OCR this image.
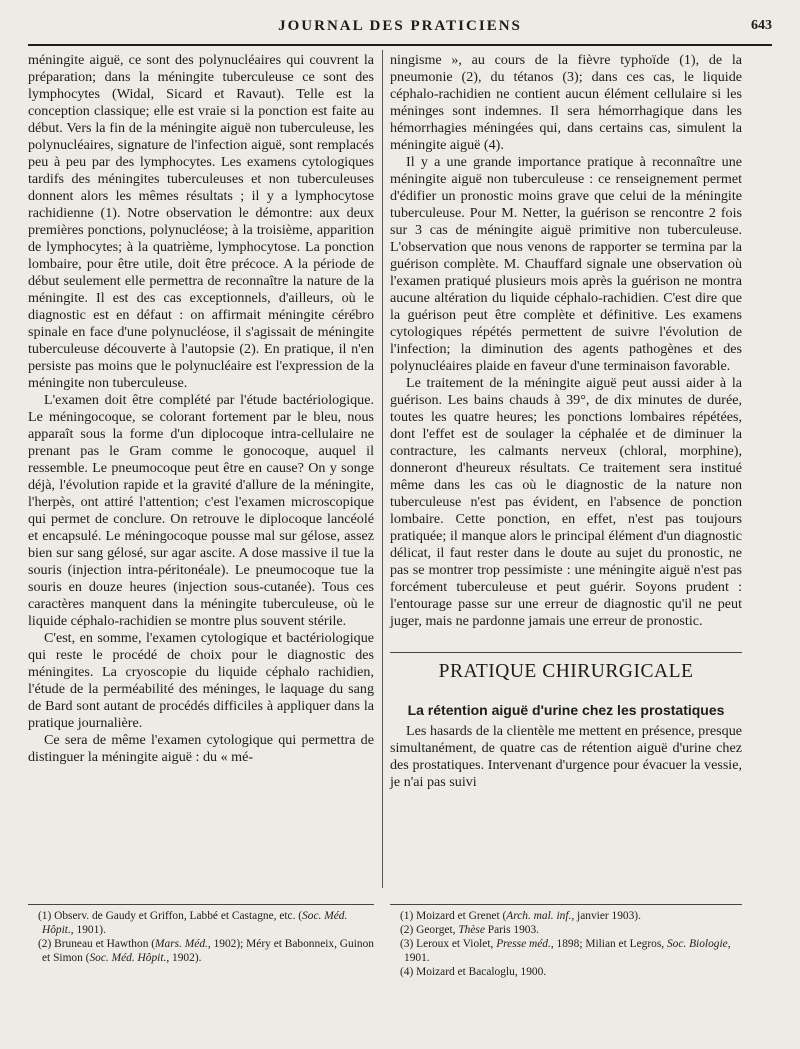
JOURNAL DES PRATICIENS	643

méningite aiguë, ce sont des polynucléaires qui couvrent la préparation; dans la méningite tuberculeuse ce sont des lymphocytes (Widal, Sicard et Ravaut). Telle est la conception classique; elle est vraie si la ponction est faite au début. Vers la fin de la méningite aiguë non tuberculeuse, les polynucléaires, signature de l'infection aiguë, sont remplacés peu à peu par des lymphocytes. Les examens cytologiques tardifs des méningites tuberculeuses et non tuberculeuses donnent alors les mêmes résultats ; il y a lymphocytose rachidienne (1). Notre observation le démontre: aux deux premières ponctions, polynucléose; à la troisième, apparition de lymphocytes; à la quatrième, lymphocytose. La ponction lombaire, pour être utile, doit être précoce. A la période de début seulement elle permettra de reconnaître la nature de la méningite. Il est des cas exceptionnels, d'ailleurs, où le diagnostic est en défaut : on affirmait méningite cérébro spinale en face d'une polynucléose, il s'agissait de méningite tuberculeuse découverte à l'autopsie (2). En pratique, il n'en persiste pas moins que le polynucléaire est l'expression de la méningite non tuberculeuse.

L'examen doit être complété par l'étude bactériologique. Le méningocoque, se colorant fortement par le bleu, nous apparaît sous la forme d'un diplocoque intra-cellulaire ne prenant pas le Gram comme le gonocoque, auquel il ressemble. Le pneumocoque peut être en cause? On y songe déjà, l'évolution rapide et la gravité d'allure de la méningite, l'herpès, ont attiré l'attention; c'est l'examen microscopique qui permet de conclure. On retrouve le diplocoque lancéolé et encapsulé. Le méningocoque pousse mal sur gélose, assez bien sur sang gélosé, sur agar ascite. A dose massive il tue la souris (injection intra-péritonéale). Le pneumocoque tue la souris en douze heures (injection sous-cutanée). Tous ces caractères manquent dans la méningite tuberculeuse, où le liquide céphalo-rachidien se montre plus souvent stérile.

C'est, en somme, l'examen cytologique et bactériologique qui reste le procédé de choix pour le diagnostic des méningites. La cryoscopie du liquide céphalo rachidien, l'étude de la perméabilité des méninges, le laquage du sang de Bard sont autant de procédés difficiles à appliquer dans la pratique journalière.

Ce sera de même l'examen cytologique qui permettra de distinguer la méningite aiguë : du « mé-

ningisme », au cours de la fièvre typhoïde (1), de la pneumonie (2), du tétanos (3); dans ces cas, le liquide céphalo-rachidien ne contient aucun élément cellulaire si les méninges sont indemnes. Il sera hémorrhagique dans les hémorrhagies méningées qui, dans certains cas, simulent la méningite aiguë (4).

Il y a une grande importance pratique à reconnaître une méningite aiguë non tuberculeuse : ce renseignement permet d'édifier un pronostic moins grave que celui de la méningite tuberculeuse. Pour M. Netter, la guérison se rencontre 2 fois sur 3 cas de méningite aiguë primitive non tuberculeuse. L'observation que nous venons de rapporter se termina par la guérison complète. M. Chauffard signale une observation où l'examen pratiqué plusieurs mois après la guérison ne montra aucune altération du liquide céphalo-rachidien. C'est dire que la guérison peut être complète et définitive. Les examens cytologiques répétés permettent de suivre l'évolution de l'infection; la diminution des agents pathogènes et des polynucléaires plaide en faveur d'une terminaison favorable.

Le traitement de la méningite aiguë peut aussi aider à la guérison. Les bains chauds à 39°, de dix minutes de durée, toutes les quatre heures; les ponctions lombaires répétées, dont l'effet est de soulager la céphalée et de diminuer la contracture, les calmants nerveux (chloral, morphine), donneront d'heureux résultats. Ce traitement sera institué même dans les cas où le diagnostic de la nature non tuberculeuse n'est pas évident, en l'absence de ponction lombaire. Cette ponction, en effet, n'est pas toujours pratiquée; il manque alors le principal élément d'un diagnostic délicat, il faut rester dans le doute au sujet du pronostic, ne pas se montrer trop pessimiste : une méningite aiguë n'est pas forcément tuberculeuse et peut guérir. Soyons prudent : l'entourage passe sur une erreur de diagnostic qu'il ne peut juger, mais ne pardonne jamais une erreur de pronostic.

PRATIQUE CHIRURGICALE
La rétention aiguë d'urine chez les prostatiques

Les hasards de la clientèle me mettent en présence, presque simultanément, de quatre cas de rétention aiguë d'urine chez des prostatiques. Intervenant d'urgence pour évacuer la vessie, je n'ai pas suivi

(1) Observ. de Gaudy et Griffon, Labbé et Castagne, etc. (Soc. Méd. Hôpit., 1901).
(2) Bruneau et Hawthon (Mars. Méd., 1902); Méry et Babonneix, Guinon et Simon (Soc. Méd. Hôpit., 1902).
(1) Moizard et Grenet (Arch. mal. inf., janvier 1903).
(2) Georget, Thèse Paris 1903.
(3) Leroux et Violet, Presse méd., 1898; Milian et Legros, Soc. Biologie, 1901.
(4) Moizard et Bacaloglu, 1900.
